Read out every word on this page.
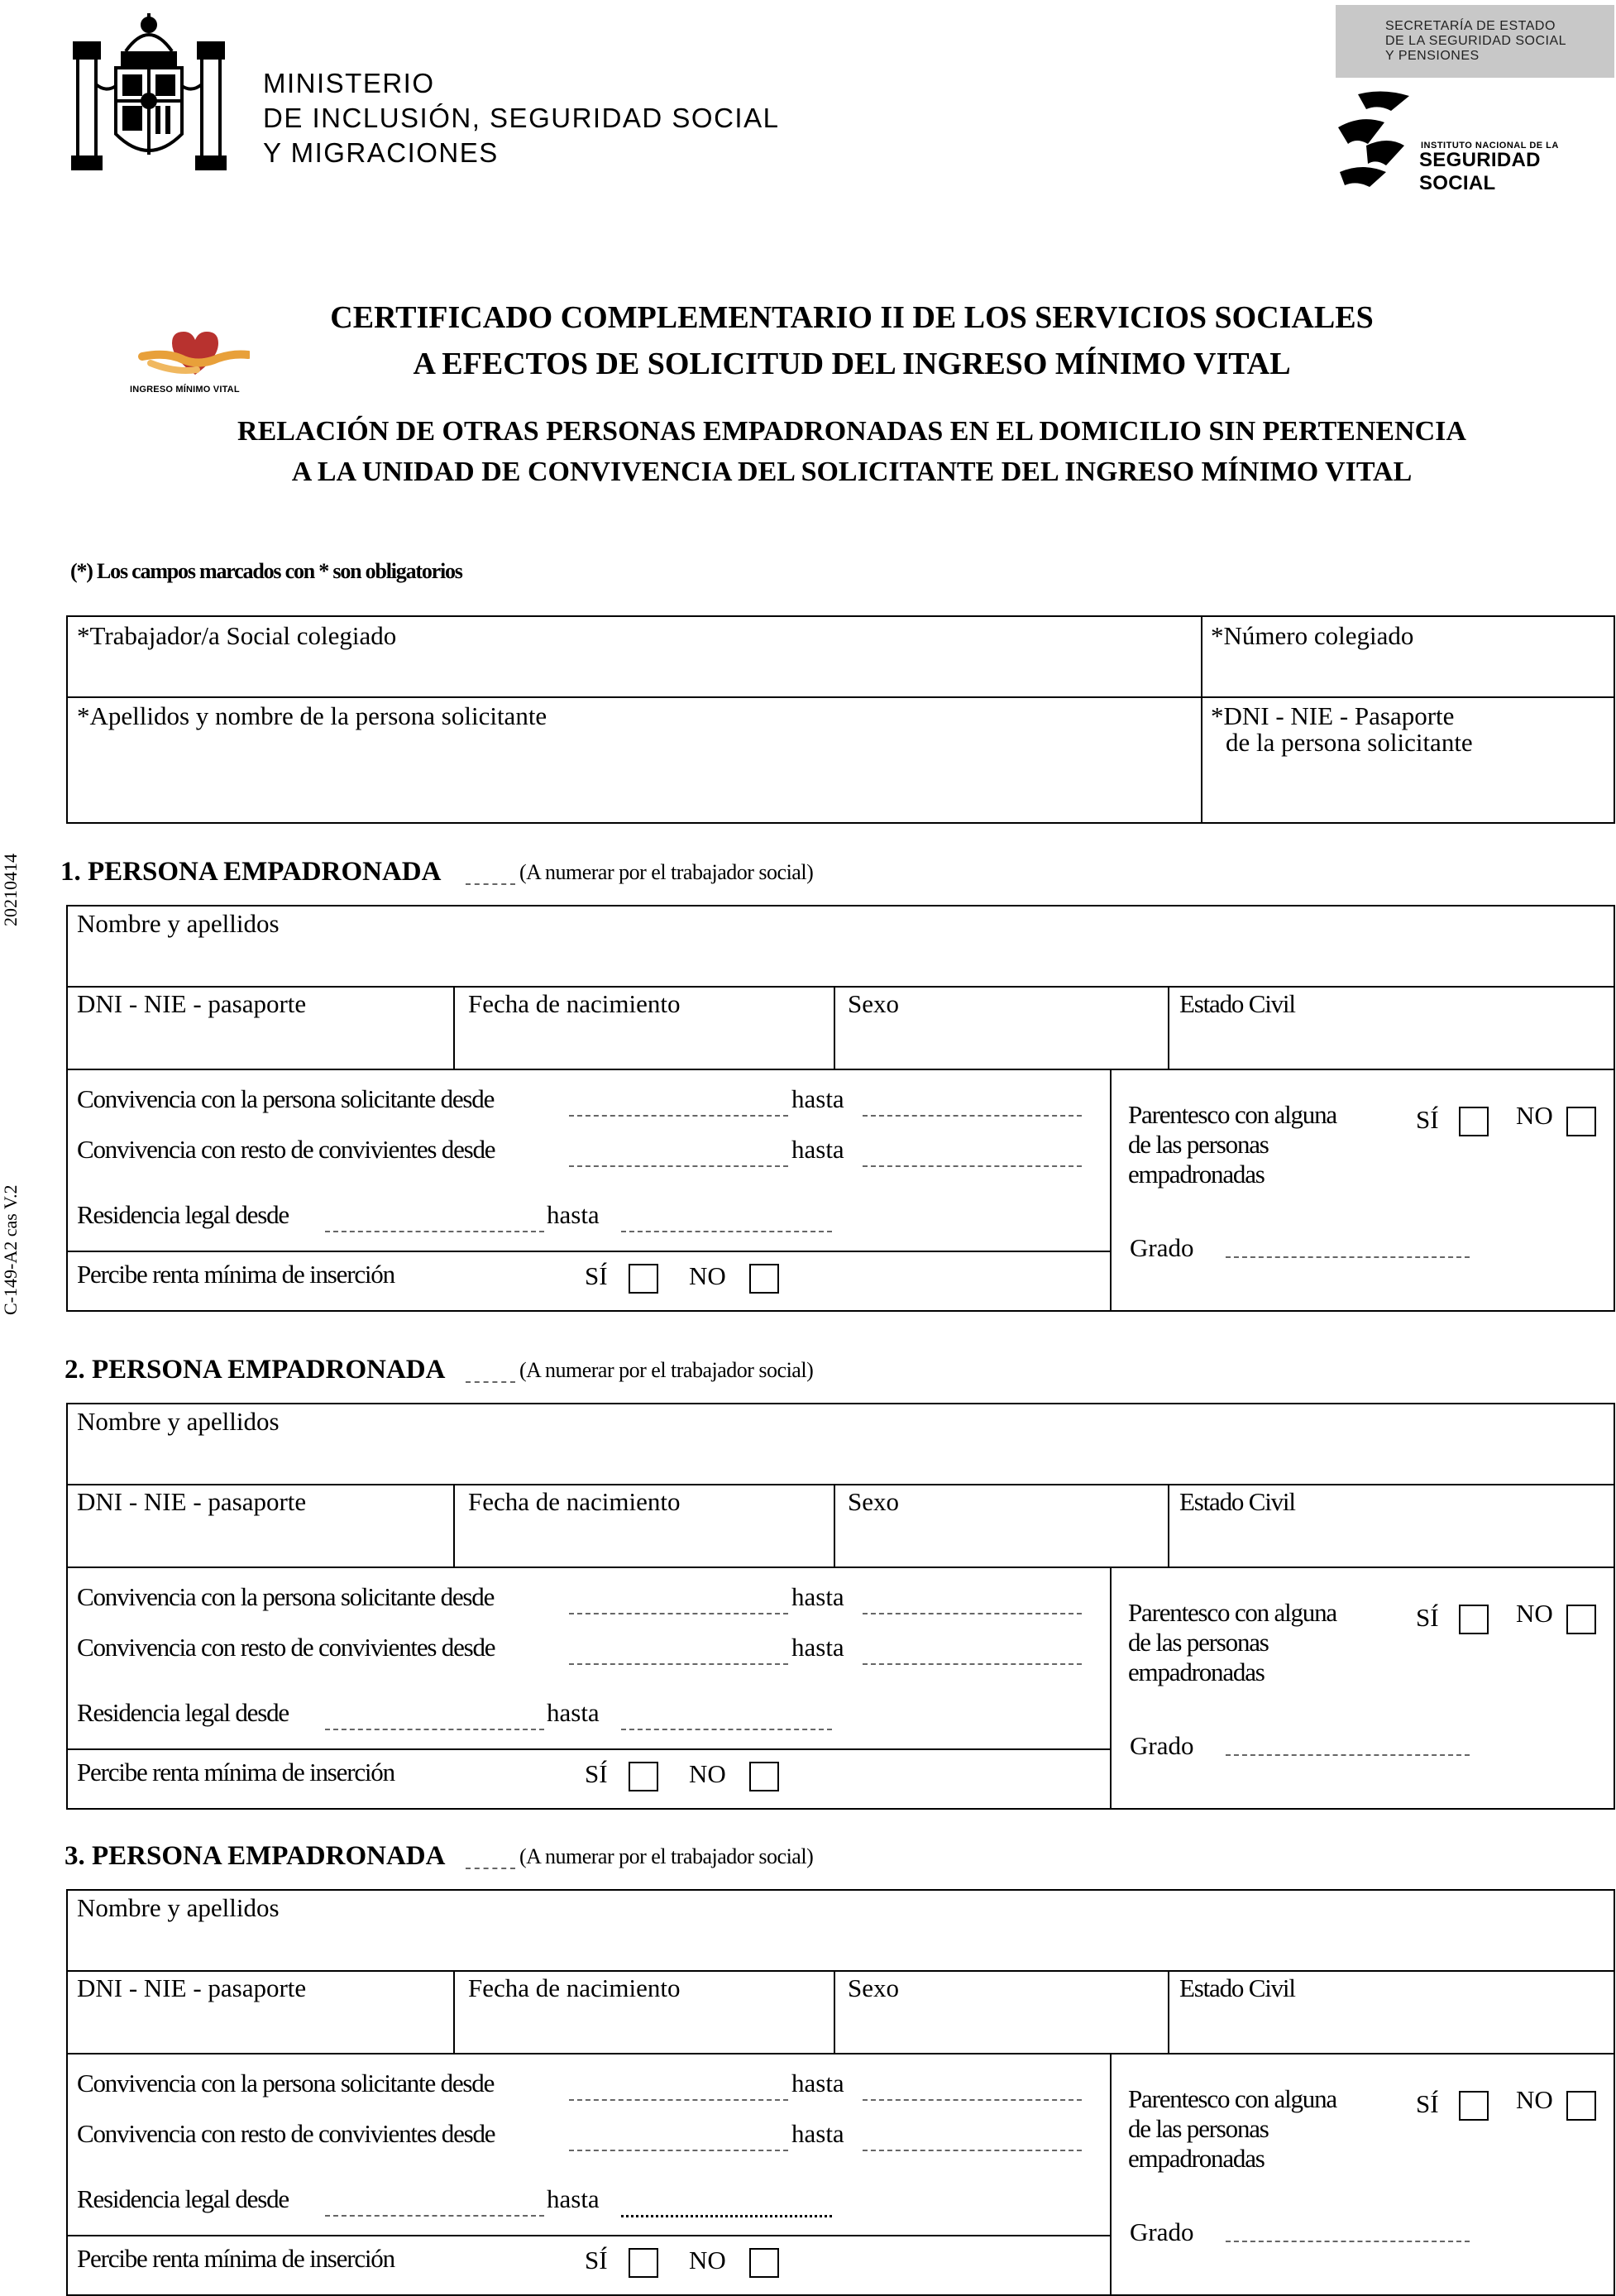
MINISTERIO
DE INCLUSIÓN, SEGURIDAD SOCIAL
Y MIGRACIONES
SECRETARÍA DE ESTADO
DE LA SEGURIDAD SOCIAL
Y PENSIONES
INSTITUTO NACIONAL DE LA
SEGURIDAD SOCIAL
INGRESO MÍNIMO VITAL
CERTIFICADO COMPLEMENTARIO II DE LOS SERVICIOS SOCIALES
A EFECTOS DE SOLICITUD DEL INGRESO MÍNIMO VITAL
RELACIÓN DE OTRAS PERSONAS EMPADRONADAS EN EL DOMICILIO SIN PERTENENCIA
A LA UNIDAD DE CONVIVENCIA DEL SOLICITANTE DEL INGRESO MÍNIMO VITAL
(*) Los campos marcados con * son obligatorios
20210414
C-149-A2 cas V.2
*Trabajador/a Social colegiado	*Número colegiado
*Apellidos y nombre de la persona solicitante	*DNI - NIE - Pasaporte
de la persona solicitante
1. PERSONA EMPADRONADA	(A numerar por el trabajador social)
Nombre y apellidos
DNI - NIE - pasaporte	Fecha de nacimiento	Sexo	Estado Civil
Convivencia con la persona solicitante desde	hasta
Convivencia con resto de convivientes desde	hasta
Residencia legal desde	hasta
Percibe renta mínima de inserción	SÍ	NO
Parentesco con alguna
de las personas
empadronadas
SÍ	NO
Grado
2. PERSONA EMPADRONADA	(A numerar por el trabajador social)
Nombre y apellidos
DNI - NIE - pasaporte	Fecha de nacimiento	Sexo	Estado Civil
Convivencia con la persona solicitante desde	hasta
Convivencia con resto de convivientes desde	hasta
Residencia legal desde	hasta
Percibe renta mínima de inserción	SÍ	NO
Parentesco con alguna
de las personas
empadronadas
SÍ	NO
Grado
3. PERSONA EMPADRONADA	(A numerar por el trabajador social)
Nombre y apellidos
DNI - NIE - pasaporte	Fecha de nacimiento	Sexo	Estado Civil
Convivencia con la persona solicitante desde	hasta
Convivencia con resto de convivientes desde	hasta
Residencia legal desde	hasta
Percibe renta mínima de inserción	SÍ	NO
Parentesco con alguna
de las personas
empadronadas
SÍ	NO
Grado
